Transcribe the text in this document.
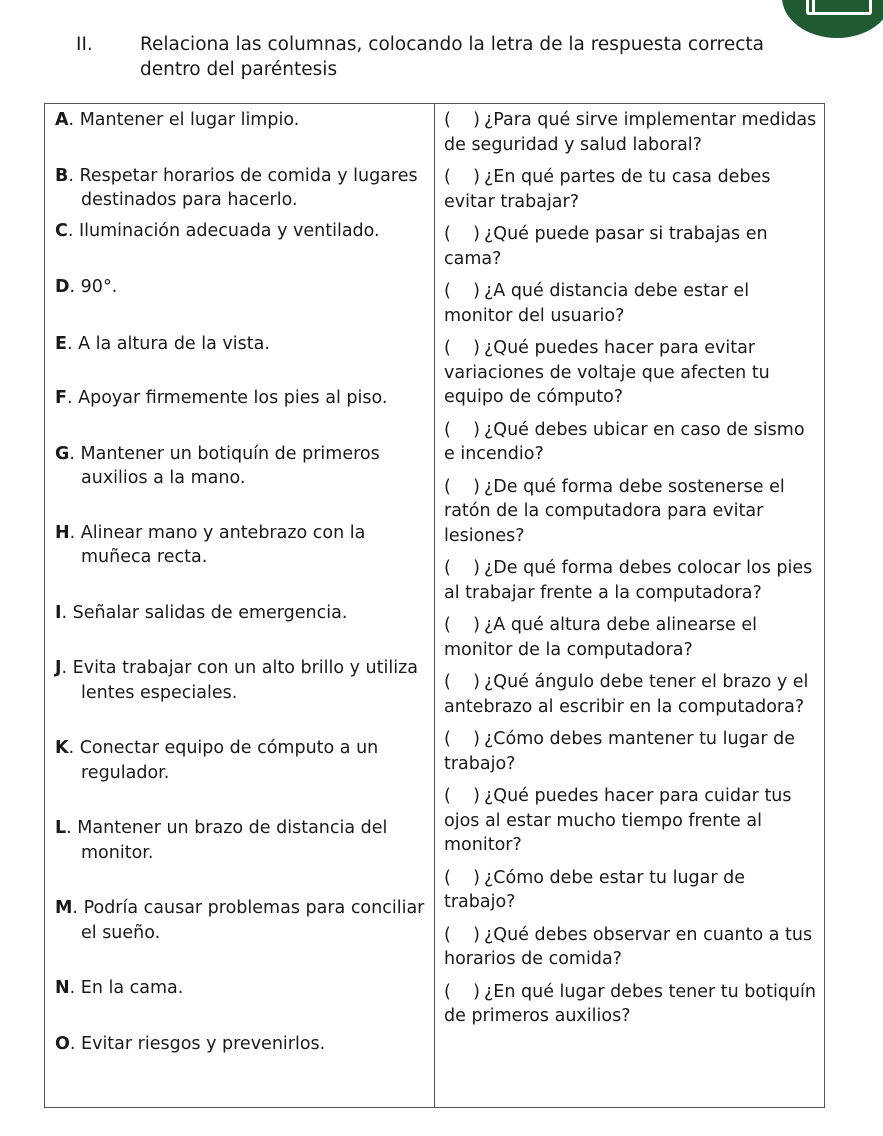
II.	Relaciona las columnas, colocando la letra de la respuesta correcta
dentro del paréntesis
A. Mantener el lugar limpio.
B. Respetar horarios de comida y lugares destinados para hacerlo.
C. Iluminación adecuada y ventilado.
D. 90°.
E. A la altura de la vista.
F. Apoyar firmemente los pies al piso.
G. Mantener un botiquín de primeros auxilios a la mano.
H. Alinear mano y antebrazo con la muñeca recta.
I. Señalar salidas de emergencia.
J. Evita trabajar con un alto brillo y utiliza lentes especiales.
K. Conectar equipo de cómputo a un regulador.
L. Mantener un brazo de distancia del monitor.
M. Podría causar problemas para conciliar el sueño.
N. En la cama.
O. Evitar riesgos y prevenirlos.

(    ) ¿Para qué sirve implementar medidas de seguridad y salud laboral?
(    ) ¿En qué partes de tu casa debes evitar trabajar?
(    ) ¿Qué puede pasar si trabajas en cama?
(    ) ¿A qué distancia debe estar el monitor del usuario?
(    ) ¿Qué puedes hacer para evitar variaciones de voltaje que afecten tu equipo de cómputo?
(    ) ¿Qué debes ubicar en caso de sismo e incendio?
(    ) ¿De qué forma debe sostenerse el ratón de la computadora para evitar lesiones?
(    ) ¿De qué forma debes colocar los pies al trabajar frente a la computadora?
(    ) ¿A qué altura debe alinearse el monitor de la computadora?
(    ) ¿Qué ángulo debe tener el brazo y el antebrazo al escribir en la computadora?
(    ) ¿Cómo debes mantener tu lugar de trabajo?
(    ) ¿Qué puedes hacer para cuidar tus ojos al estar mucho tiempo frente al monitor?
(    ) ¿Cómo debe estar tu lugar de trabajo?
(    ) ¿Qué debes observar en cuanto a tus horarios de comida?
(    ) ¿En qué lugar debes tener tu botiquín de primeros auxilios?
